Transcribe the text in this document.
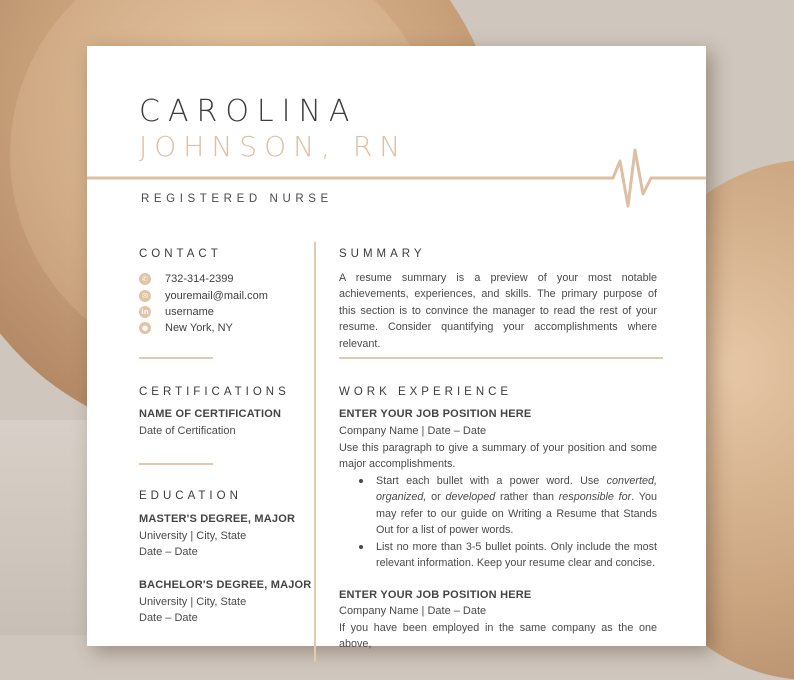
CAROLINA
JOHNSON, RN
REGISTERED NURSE
CONTACT
✆ 732-314-2399
✉ youremail@mail.com
in username
● New York, NY
CERTIFICATIONS
NAME OF CERTIFICATION
Date of Certification
EDUCATION
MASTER'S DEGREE, MAJOR
University | City, State
Date – Date
BACHELOR'S DEGREE, MAJOR
University | City, State
Date – Date
SUMMARY
A resume summary is a preview of your most notable achievements, experiences, and skills. The primary purpose of this section is to convince the manager to read the rest of your resume. Consider quantifying your accomplishments where relevant.
WORK EXPERIENCE
ENTER YOUR JOB POSITION HERE
Company Name | Date – Date
Use this paragraph to give a summary of your position and some major accomplishments.
Start each bullet with a power word. Use converted, organized, or developed rather than responsible for. You may refer to our guide on Writing a Resume that Stands Out for a list of power words.
List no more than 3-5 bullet points. Only include the most relevant information. Keep your resume clear and concise.
ENTER YOUR JOB POSITION HERE
Company Name | Date – Date
If you have been employed in the same company as the one above,
